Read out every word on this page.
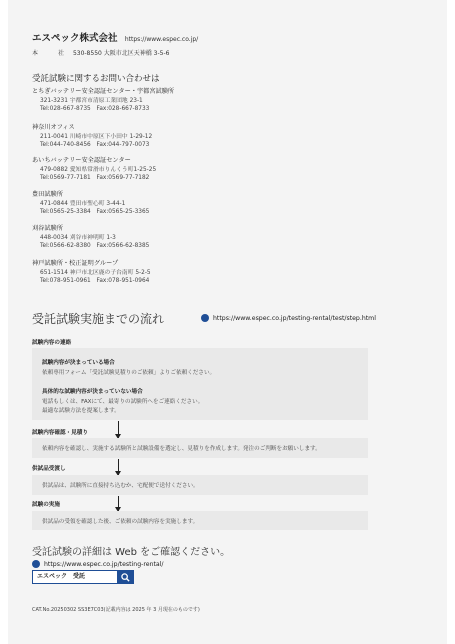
エスペック株式会社 https://www.espec.co.jp/
本　社 530-8550 大阪市北区天神橋 3-5-6
受託試験に関するお問い合わせは
とちぎバッテリー安全認証センター・宇都宮試験所
321-3231 宇都宮市清原工業団地 23-1
Tel:028-667-8735　Fax:028-667-8733
神奈川オフィス
211-0041 川崎市中原区下小田中 1-29-12
Tel:044-740-8456　Fax:044-797-0073
あいちバッテリー安全認証センター
479-0882 愛知県常滑市りんくう町1-25-25
Tel:0569-77-7181　Fax:0569-77-7182
豊田試験所
471-0844 豊田市聖心町 3-44-1
Tel:0565-25-3384　Fax:0565-25-3365
刈谷試験所
448-0034 刈谷市神明町 1-3
Tel:0566-62-8380　Fax:0566-62-8385
神戸試験所・校正証明グループ
651-1514 神戸市北区鹿の子台南町 5-2-5
Tel:078-951-0961　Fax:078-951-0964
受託試験実施までの流れ	https://www.espec.co.jp/testing-rental/test/step.html
試験内容の連絡
試験内容が決まっている場合
依頼専用フォーム「受託試験見積りのご依頼」よりご依頼ください。
具体的な試験内容が決まっていない場合
電話もしくは、FAXにて、最寄りの試験所へをご連絡ください。
最適な試験方法を提案します。
試験内容確認・見積り
依頼内容を確認し、実施する試験所と試験設備を選定し、見積りを作成します。発注のご判断をお願いします。
供試品受渡し
供試品は、試験所に直接持ち込むか、宅配便で送付ください。
試験の実施
供試品の受領を確認した後、ご依頼の試験内容を実施します。
受託試験の詳細は Web をご確認ください。
https://www.espec.co.jp/testing-rental/
エスペック　受託
CAT.No.20250302 SS3E7C03(記載内容は 2025 年 3 月現在のものです)
